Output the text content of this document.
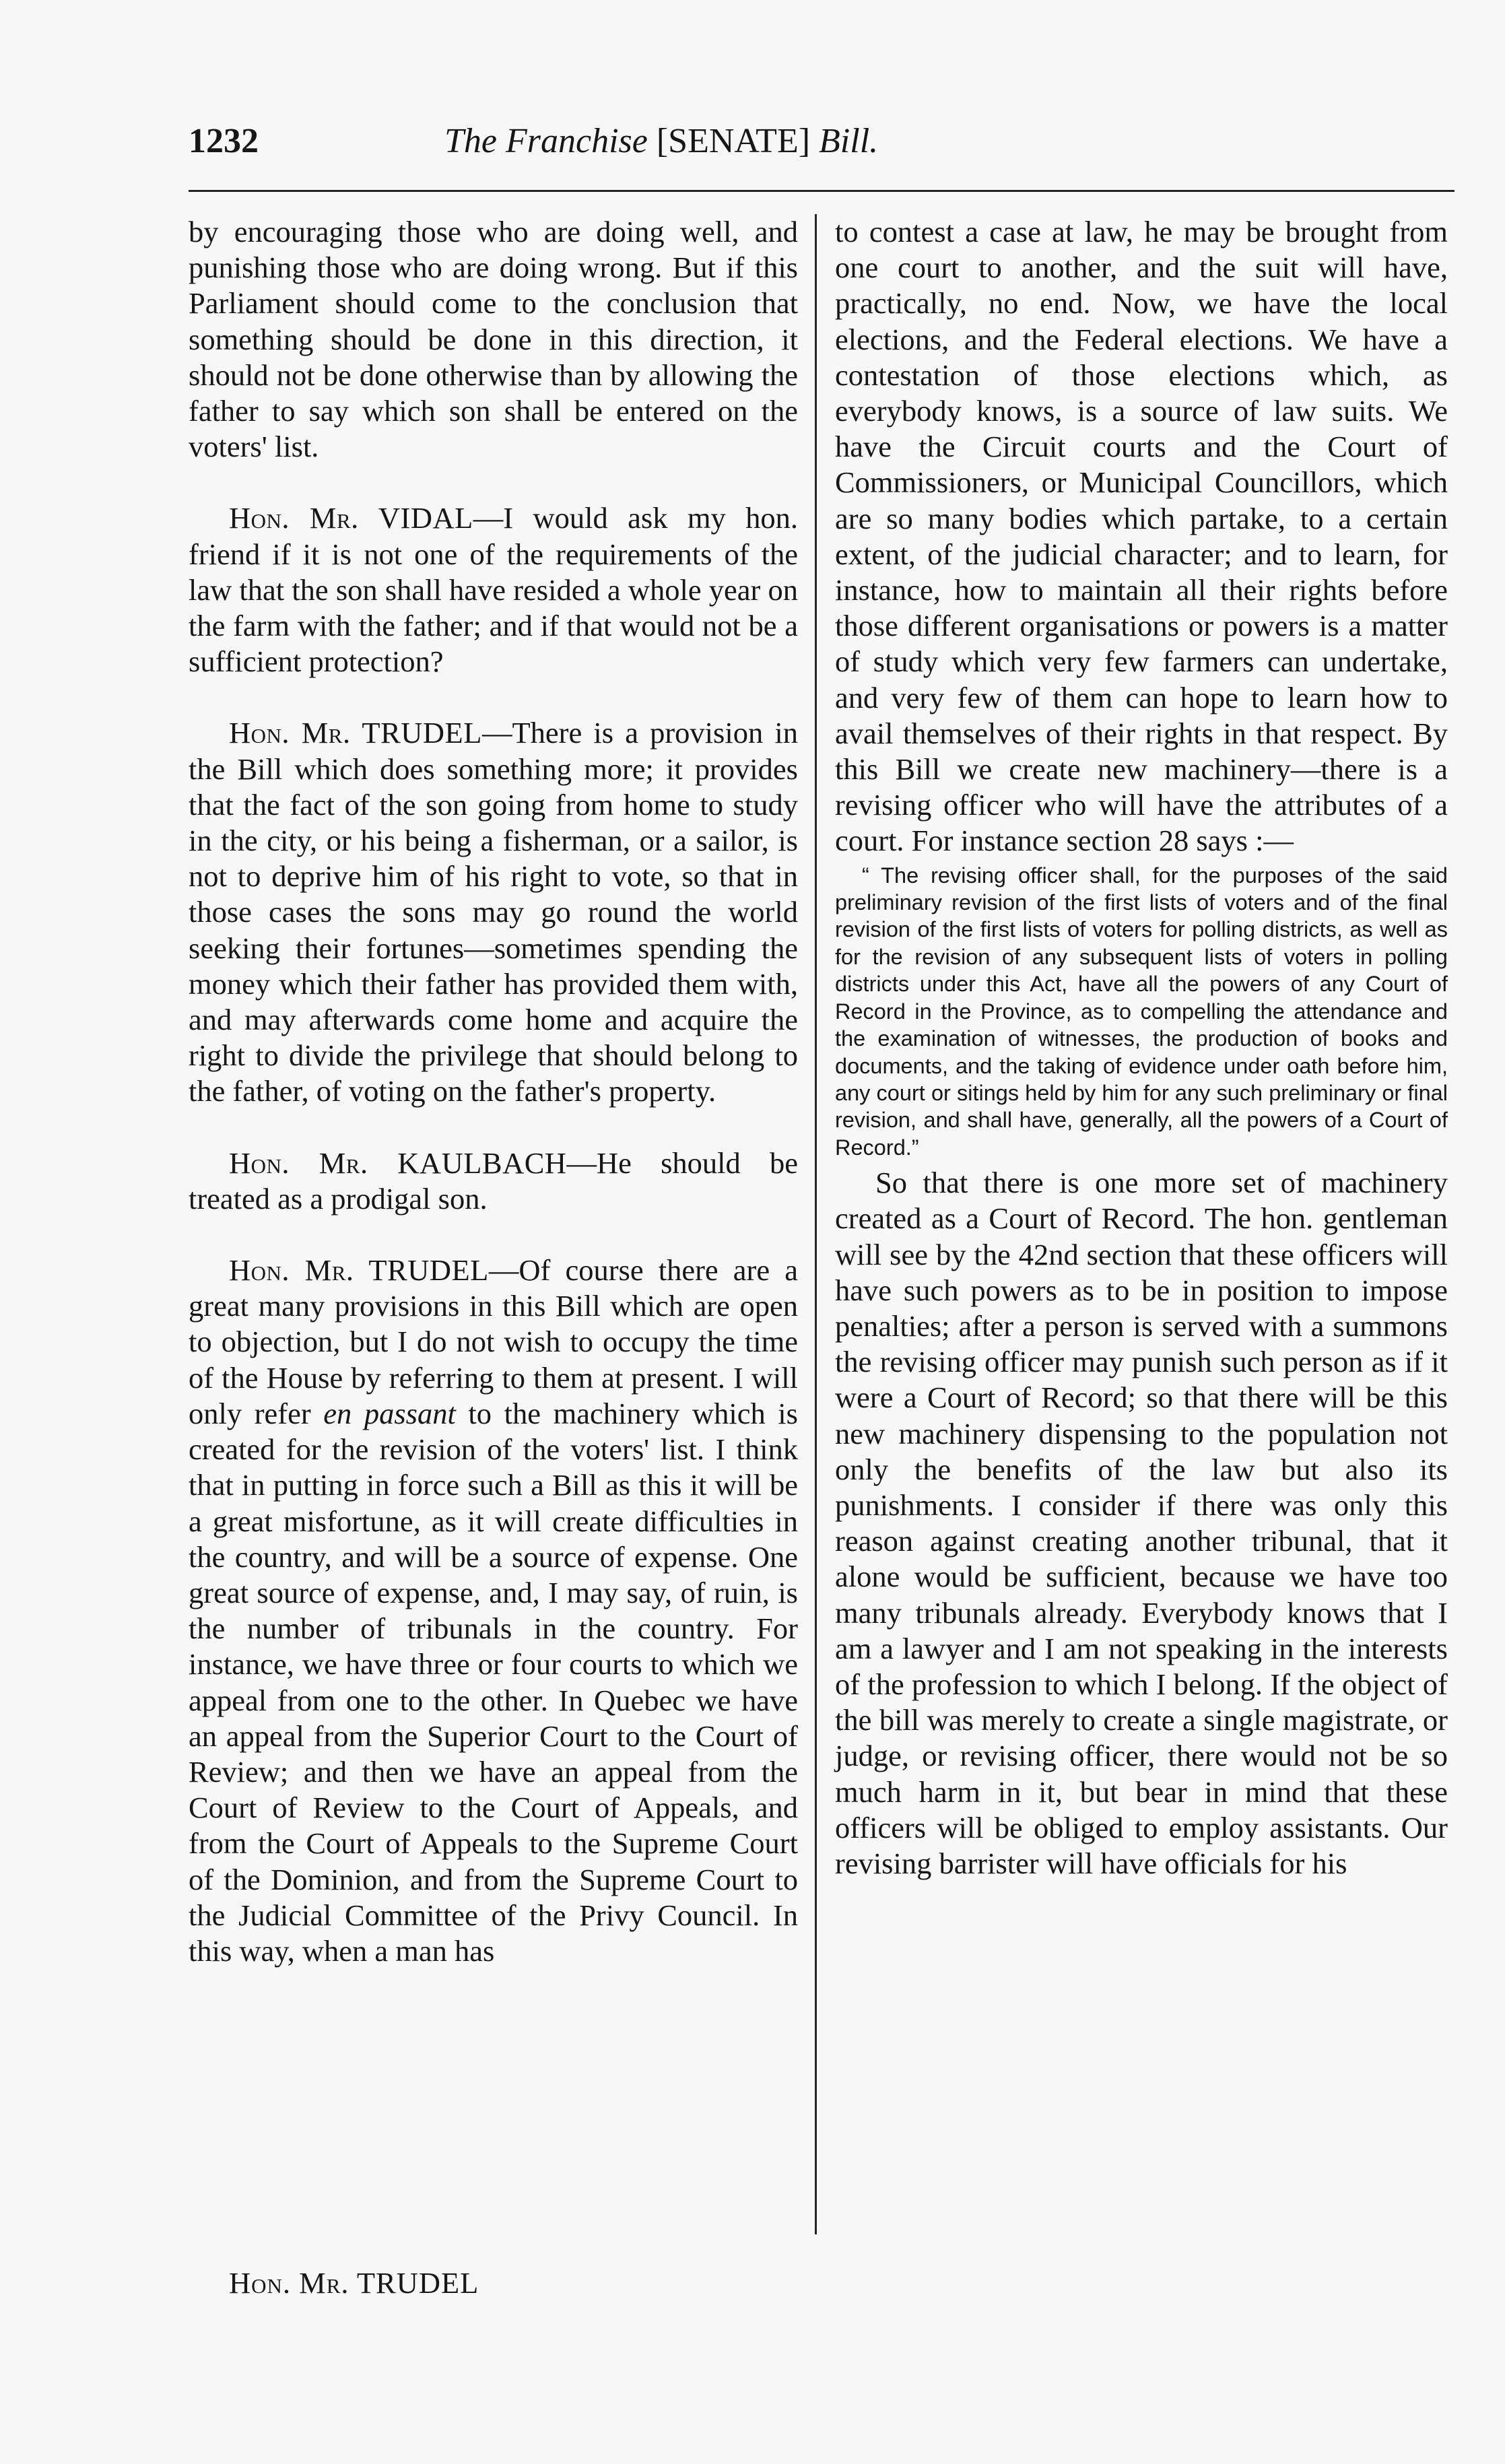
1232	The Franchise [SENATE] Bill.

by encouraging those who are doing well, and punishing those who are doing wrong. But if this Parliament should come to the conclusion that something should be done in this direction, it should not be done otherwise than by allowing the father to say which son shall be entered on the voters' list.

Hon. Mr. VIDAL—I would ask my hon. friend if it is not one of the requirements of the law that the son shall have resided a whole year on the farm with the father; and if that would not be a sufficient protection?

Hon. Mr. TRUDEL—There is a provision in the Bill which does something more; it provides that the fact of the son going from home to study in the city, or his being a fisherman, or a sailor, is not to deprive him of his right to vote, so that in those cases the sons may go round the world seeking their fortunes—sometimes spending the money which their father has provided them with, and may afterwards come home and acquire the right to divide the privilege that should belong to the father, of voting on the father's property.

Hon. Mr. KAULBACH—He should be treated as a prodigal son.

Hon. Mr. TRUDEL—Of course there are a great many provisions in this Bill which are open to objection, but I do not wish to occupy the time of the House by referring to them at present. I will only refer en passant to the machinery which is created for the revision of the voters' list. I think that in putting in force such a Bill as this it will be a great misfortune, as it will create difficulties in the country, and will be a source of expense. One great source of expense, and, I may say, of ruin, is the number of tribunals in the country. For instance, we have three or four courts to which we appeal from one to the other. In Quebec we have an appeal from the Superior Court to the Court of Review; and then we have an appeal from the Court of Review to the Court of Appeals, and from the Court of Appeals to the Supreme Court of the Dominion, and from the Supreme Court to the Judicial Committee of the Privy Council. In this way, when a man has

to contest a case at law, he may be brought from one court to another, and the suit will have, practically, no end. Now, we have the local elections, and the Federal elections. We have a contestation of those elections which, as everybody knows, is a source of law suits. We have the Circuit courts and the Court of Commissioners, or Municipal Councillors, which are so many bodies which partake, to a certain extent, of the judicial character; and to learn, for instance, how to maintain all their rights before those different organisations or powers is a matter of study which very few farmers can undertake, and very few of them can hope to learn how to avail themselves of their rights in that respect. By this Bill we create new machinery—there is a revising officer who will have the attributes of a court. For instance section 28 says :—

“ The revising officer shall, for the purposes of the said preliminary revision of the first lists of voters and of the final revision of the first lists of voters for polling districts, as well as for the revision of any subsequent lists of voters in polling districts under this Act, have all the powers of any Court of Record in the Province, as to compelling the attendance and the examination of witnesses, the production of books and documents, and the taking of evidence under oath before him, any court or sitings held by him for any such preliminary or final revision, and shall have, generally, all the powers of a Court of Record.”

So that there is one more set of machinery created as a Court of Record. The hon. gentleman will see by the 42nd section that these officers will have such powers as to be in position to impose penalties; after a person is served with a summons the revising officer may punish such person as if it were a Court of Record; so that there will be this new machinery dispensing to the population not only the benefits of the law but also its punishments. I consider if there was only this reason against creating another tribunal, that it alone would be sufficient, because we have too many tribunals already. Everybody knows that I am a lawyer and I am not speaking in the interests of the profession to which I belong. If the object of the bill was merely to create a single magistrate, or judge, or revising officer, there would not be so much harm in it, but bear in mind that these officers will be obliged to employ assistants. Our revising barrister will have officials for his

Hon. Mr. TRUDEL
